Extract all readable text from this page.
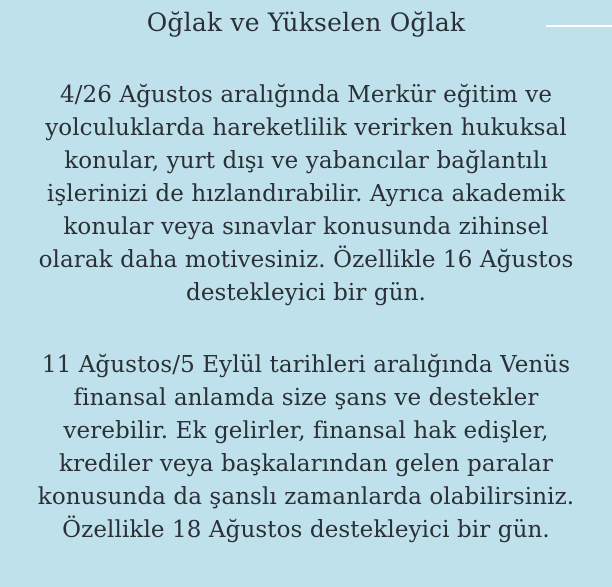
Oğlak ve Yükselen Oğlak
4/26 Ağustos aralığında Merkür eğitim ve
yolculuklarda hareketlilik verirken hukuksal
konular, yurt dışı ve yabancılar bağlantılı
işlerinizi de hızlandırabilir. Ayrıca akademik
konular veya sınavlar konusunda zihinsel
olarak daha motivesiniz. Özellikle 16 Ağustos
destekleyici bir gün.
11 Ağustos/5 Eylül tarihleri aralığında Venüs
finansal anlamda size şans ve destekler
verebilir. Ek gelirler, finansal hak edişler,
krediler veya başkalarından gelen paralar
konusunda da şanslı zamanlarda olabilirsiniz.
Özellikle 18 Ağustos destekleyici bir gün.
